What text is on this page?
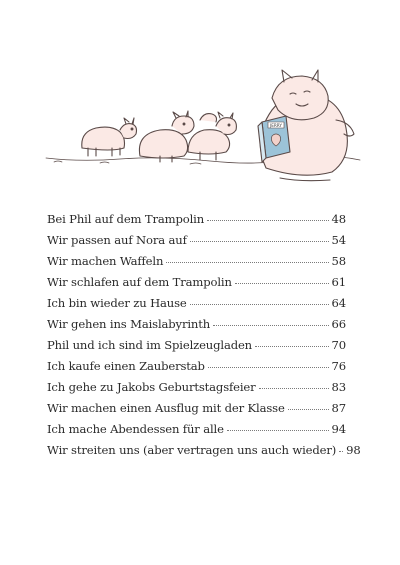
JERRY
Bei Phil auf dem Trampolin	48
Wir passen auf Nora auf	54
Wir machen Waffeln	58
Wir schlafen auf dem Trampolin	61
Ich bin wieder zu Hause	64
Wir gehen ins Maislabyrinth	66
Phil und ich sind im Spielzeugladen	70
Ich kaufe einen Zauberstab	76
Ich gehe zu Jakobs Geburtstagsfeier	83
Wir machen einen Ausflug mit der Klasse	87
Ich mache Abendessen für alle	94
Wir streiten uns (aber vertragen uns auch wieder) 98
